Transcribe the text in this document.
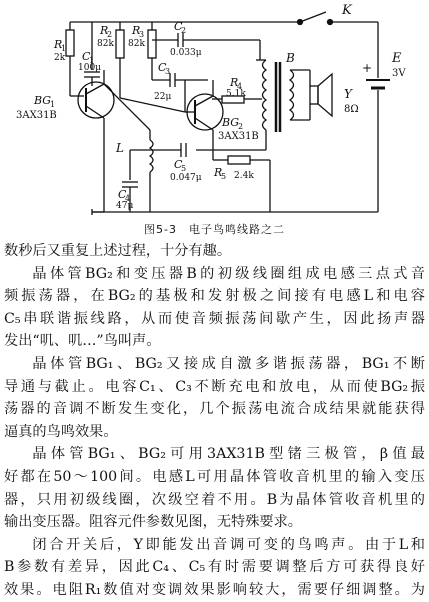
K
E
3V
+
R
1
2k
R
2
82k
R
3
82k
C
1
100μ
C
2
0.033μ
C
3
22μ
R
4
5.1k
B
BG
1
3AX31B
BG
2
3AX31B
L
C
4
47μ
C
5
0.047μ R
5 2.4k
Y
8Ω
图5-3　电子鸟鸣线路之二

数秒后又重复上述过程，十分有趣。

晶体管BG₂和变压器B的初级线圈组成电感三点式音

频振荡器，在BG₂的基极和发射极之间接有电感L和电容

C₅串联谐振线路，从而使音频振荡间歇产生，因此扬声器

发出“叽、叽…”鸟叫声。

晶体管BG₁、BG₂又接成自激多谐振荡器，BG₁不断

导通与截止。电容C₁、C₃不断充电和放电，从而使BG₂振

荡器的音调不断发生变化，几个振荡电流合成结果就能获得

逼真的鸟鸣效果。

晶体管BG₁、BG₂可用3AX31B型锗三极管，β值最

好都在50～100间。电感L可用晶体管收音机里的输入变压

器，只用初级线圈，次级空着不用。B为晶体管收音机里的

输出变压器。阻容元件参数见图，无特殊要求。

闭合开关后，Y即能发出音调可变的鸟鸣声。由于L和

B参数有差异，因此C₄、C₅有时需要调整后方可获得良好

效果。电阻R₁数值对变调效果影响较大，需要仔细调整。为
